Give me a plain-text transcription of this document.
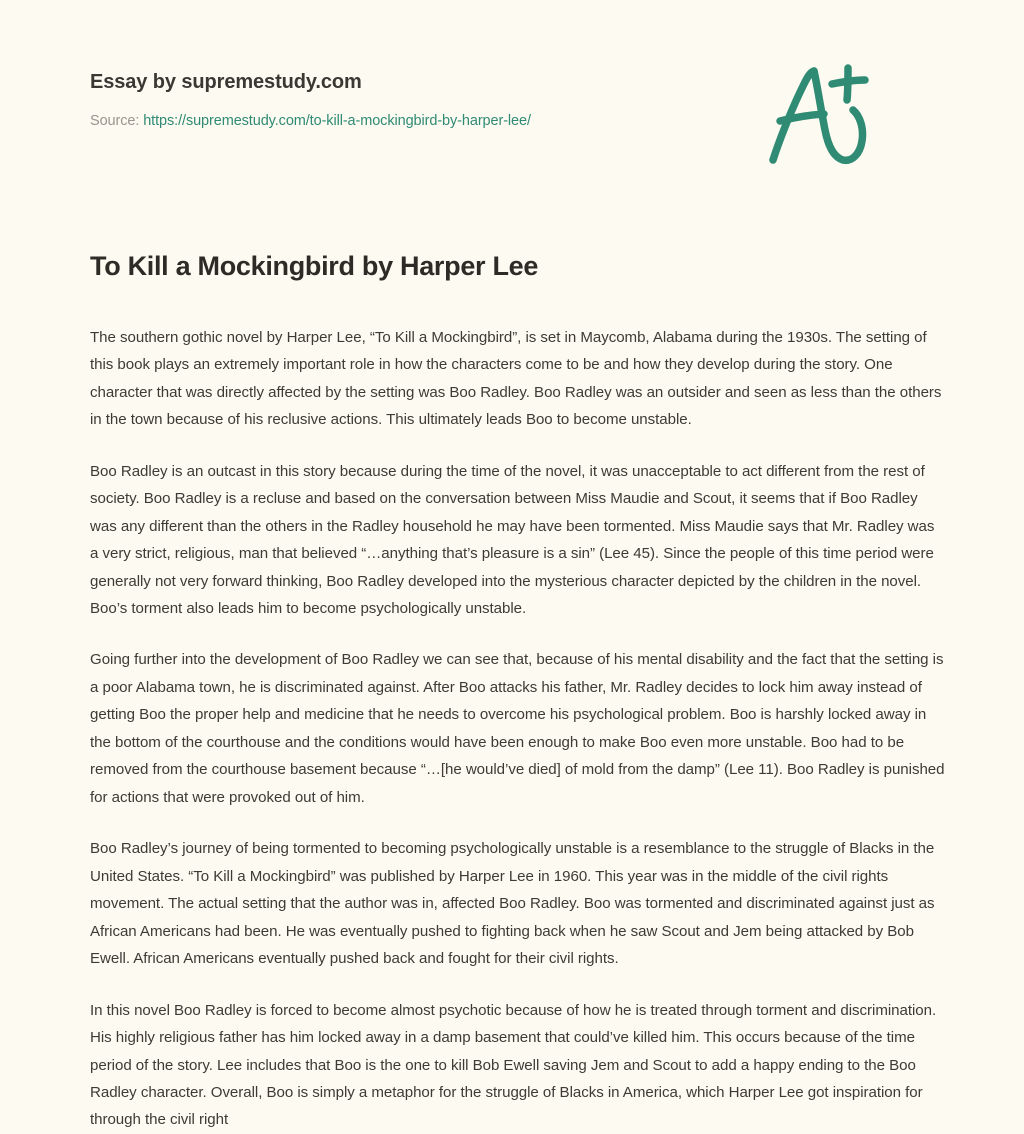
Essay by supremestudy.com
Source: https://supremestudy.com/to-kill-a-mockingbird-by-harper-lee/
To Kill a Mockingbird by Harper Lee

The southern gothic novel by Harper Lee, “To Kill a Mockingbird”, is set in Maycomb, Alabama during the 1930s. The setting of this book plays an extremely important role in how the characters come to be and how they develop during the story. One character that was directly affected by the setting was Boo Radley. Boo Radley was an outsider and seen as less than the others in the town because of his reclusive actions. This ultimately leads Boo to become unstable.

Boo Radley is an outcast in this story because during the time of the novel, it was unacceptable to act different from the rest of society. Boo Radley is a recluse and based on the conversation between Miss Maudie and Scout, it seems that if Boo Radley was any different than the others in the Radley household he may have been tormented. Miss Maudie says that Mr. Radley was a very strict, religious, man that believed “…anything that’s pleasure is a sin” (Lee 45). Since the people of this time period were generally not very forward thinking, Boo Radley developed into the mysterious character depicted by the children in the novel. Boo’s torment also leads him to become psychologically unstable.

Going further into the development of Boo Radley we can see that, because of his mental disability and the fact that the setting is a poor Alabama town, he is discriminated against. After Boo attacks his father, Mr. Radley decides to lock him away instead of getting Boo the proper help and medicine that he needs to overcome his psychological problem. Boo is harshly locked away in the bottom of the courthouse and the conditions would have been enough to make Boo even more unstable. Boo had to be removed from the courthouse basement because “…[he would’ve died] of mold from the damp” (Lee 11). Boo Radley is punished for actions that were provoked out of him.

Boo Radley’s journey of being tormented to becoming psychologically unstable is a resemblance to the struggle of Blacks in the United States. “To Kill a Mockingbird” was published by Harper Lee in 1960. This year was in the middle of the civil rights movement. The actual setting that the author was in, affected Boo Radley. Boo was tormented and discriminated against just as African Americans had been. He was eventually pushed to fighting back when he saw Scout and Jem being attacked by Bob Ewell. African Americans eventually pushed back and fought for their civil rights.

In this novel Boo Radley is forced to become almost psychotic because of how he is treated through torment and discrimination. His highly religious father has him locked away in a damp basement that could’ve killed him. This occurs because of the time period of the story. Lee includes that Boo is the one to kill Bob Ewell saving Jem and Scout to add a happy ending to the Boo Radley character. Overall, Boo is simply a metaphor for the struggle of Blacks in America, which Harper Lee got inspiration for through the civil right
